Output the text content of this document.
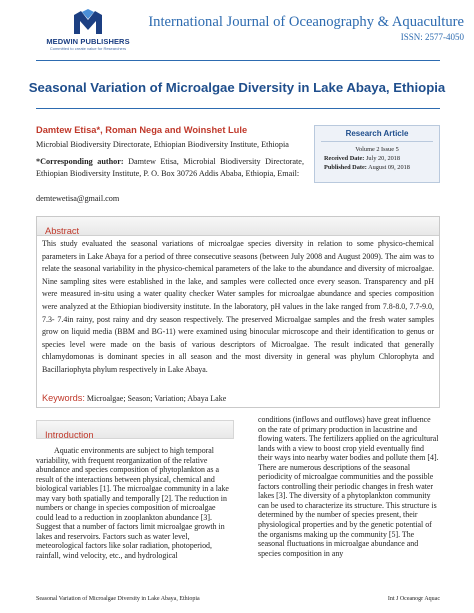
MEDWIN PUBLISHERS
Committed to create value for Researchers
International Journal of Oceanography & Aquaculture
ISSN: 2577-4050
Seasonal Variation of Microalgae Diversity in Lake Abaya, Ethiopia
Damtew Etisa*, Roman Nega and Woinshet Lule
Microbial Biodiversity Directorate, Ethiopian Biodiversity Institute, Ethiopia
*Corresponding author: Damtew Etisa, Microbial Biodiversity Directorate, Ethiopian Biodiversity Institute, P. O. Box 30726 Addis Ababa, Ethiopia, Email:
demtewetisa@gmail.com
Research Article
Volume 2 Issue 5
Received Date: July 20, 2018
Published Date: August 09, 2018
Abstract
This study evaluated the seasonal variations of microalgae species diversity in relation to some physico-chemical parameters in Lake Abaya for a period of three consecutive seasons (between July 2008 and August 2009). The aim was to relate the seasonal variability in the physico-chemical parameters of the lake to the abundance and diversity of microalgae. Nine sampling sites were established in the lake, and samples were collected once every season. Transparency and pH were measured in-situ using a water quality checker Water samples for microalgae abundance and species composition were analyzed at the Ethiopian biodiversity institute. In the laboratory, pH values in the lake ranged from 7.8-8.0, 7.7-9.0, 7.3- 7.4in rainy, post rainy and dry season respectively. The preserved Microalgae samples and the fresh water samples grow on liquid media (BBM and BG-11) were examined using binocular microscope and their identification to genus or species level were made on the basis of various descriptors of Microalgae. The result indicated that generally chlamydomonas is dominant species in all season and the most diversity in general was phylum Chlorophyta and Bacillariophyta phylum respectively in Lake Abaya.
Keywords: Microalgae; Season; Variation; Abaya Lake
Introduction
Aquatic environments are subject to high temporal variability, with frequent reorganization of the relative abundance and species composition of phytoplankton as a result of the interactions between physical, chemical and biological variables [1]. The microalgae community in a lake may vary both spatially and temporally [2]. The reduction in numbers or change in species composition of microalgae could lead to a reduction in zooplankton abundance [3]. Suggest that a number of factors limit microalgae growth in lakes and reservoirs. Factors such as water level, meteorological factors like solar radiation, photoperiod, rainfall, wind velocity, etc., and hydrological
conditions (inflows and outflows) have great influence on the rate of primary production in lacustrine and flowing waters. The fertilizers applied on the agricultural lands with a view to boost crop yield eventually find their ways into nearby water bodies and pollute them [4]. There are numerous descriptions of the seasonal periodicity of microalgae communities and the possible factors controlling their periodic changes in fresh water lakes [3]. The diversity of a phytoplankton community can be used to characterize its structure. This structure is determined by the number of species present, their physiological properties and by the genetic potential of the organisms making up the community [5]. The seasonal fluctuations in microalgae abundance and species composition in any
Seasonal Variation of Microalgae Diversity in Lake Abaya, Ethiopia	Int J Oceanogr Aquac
